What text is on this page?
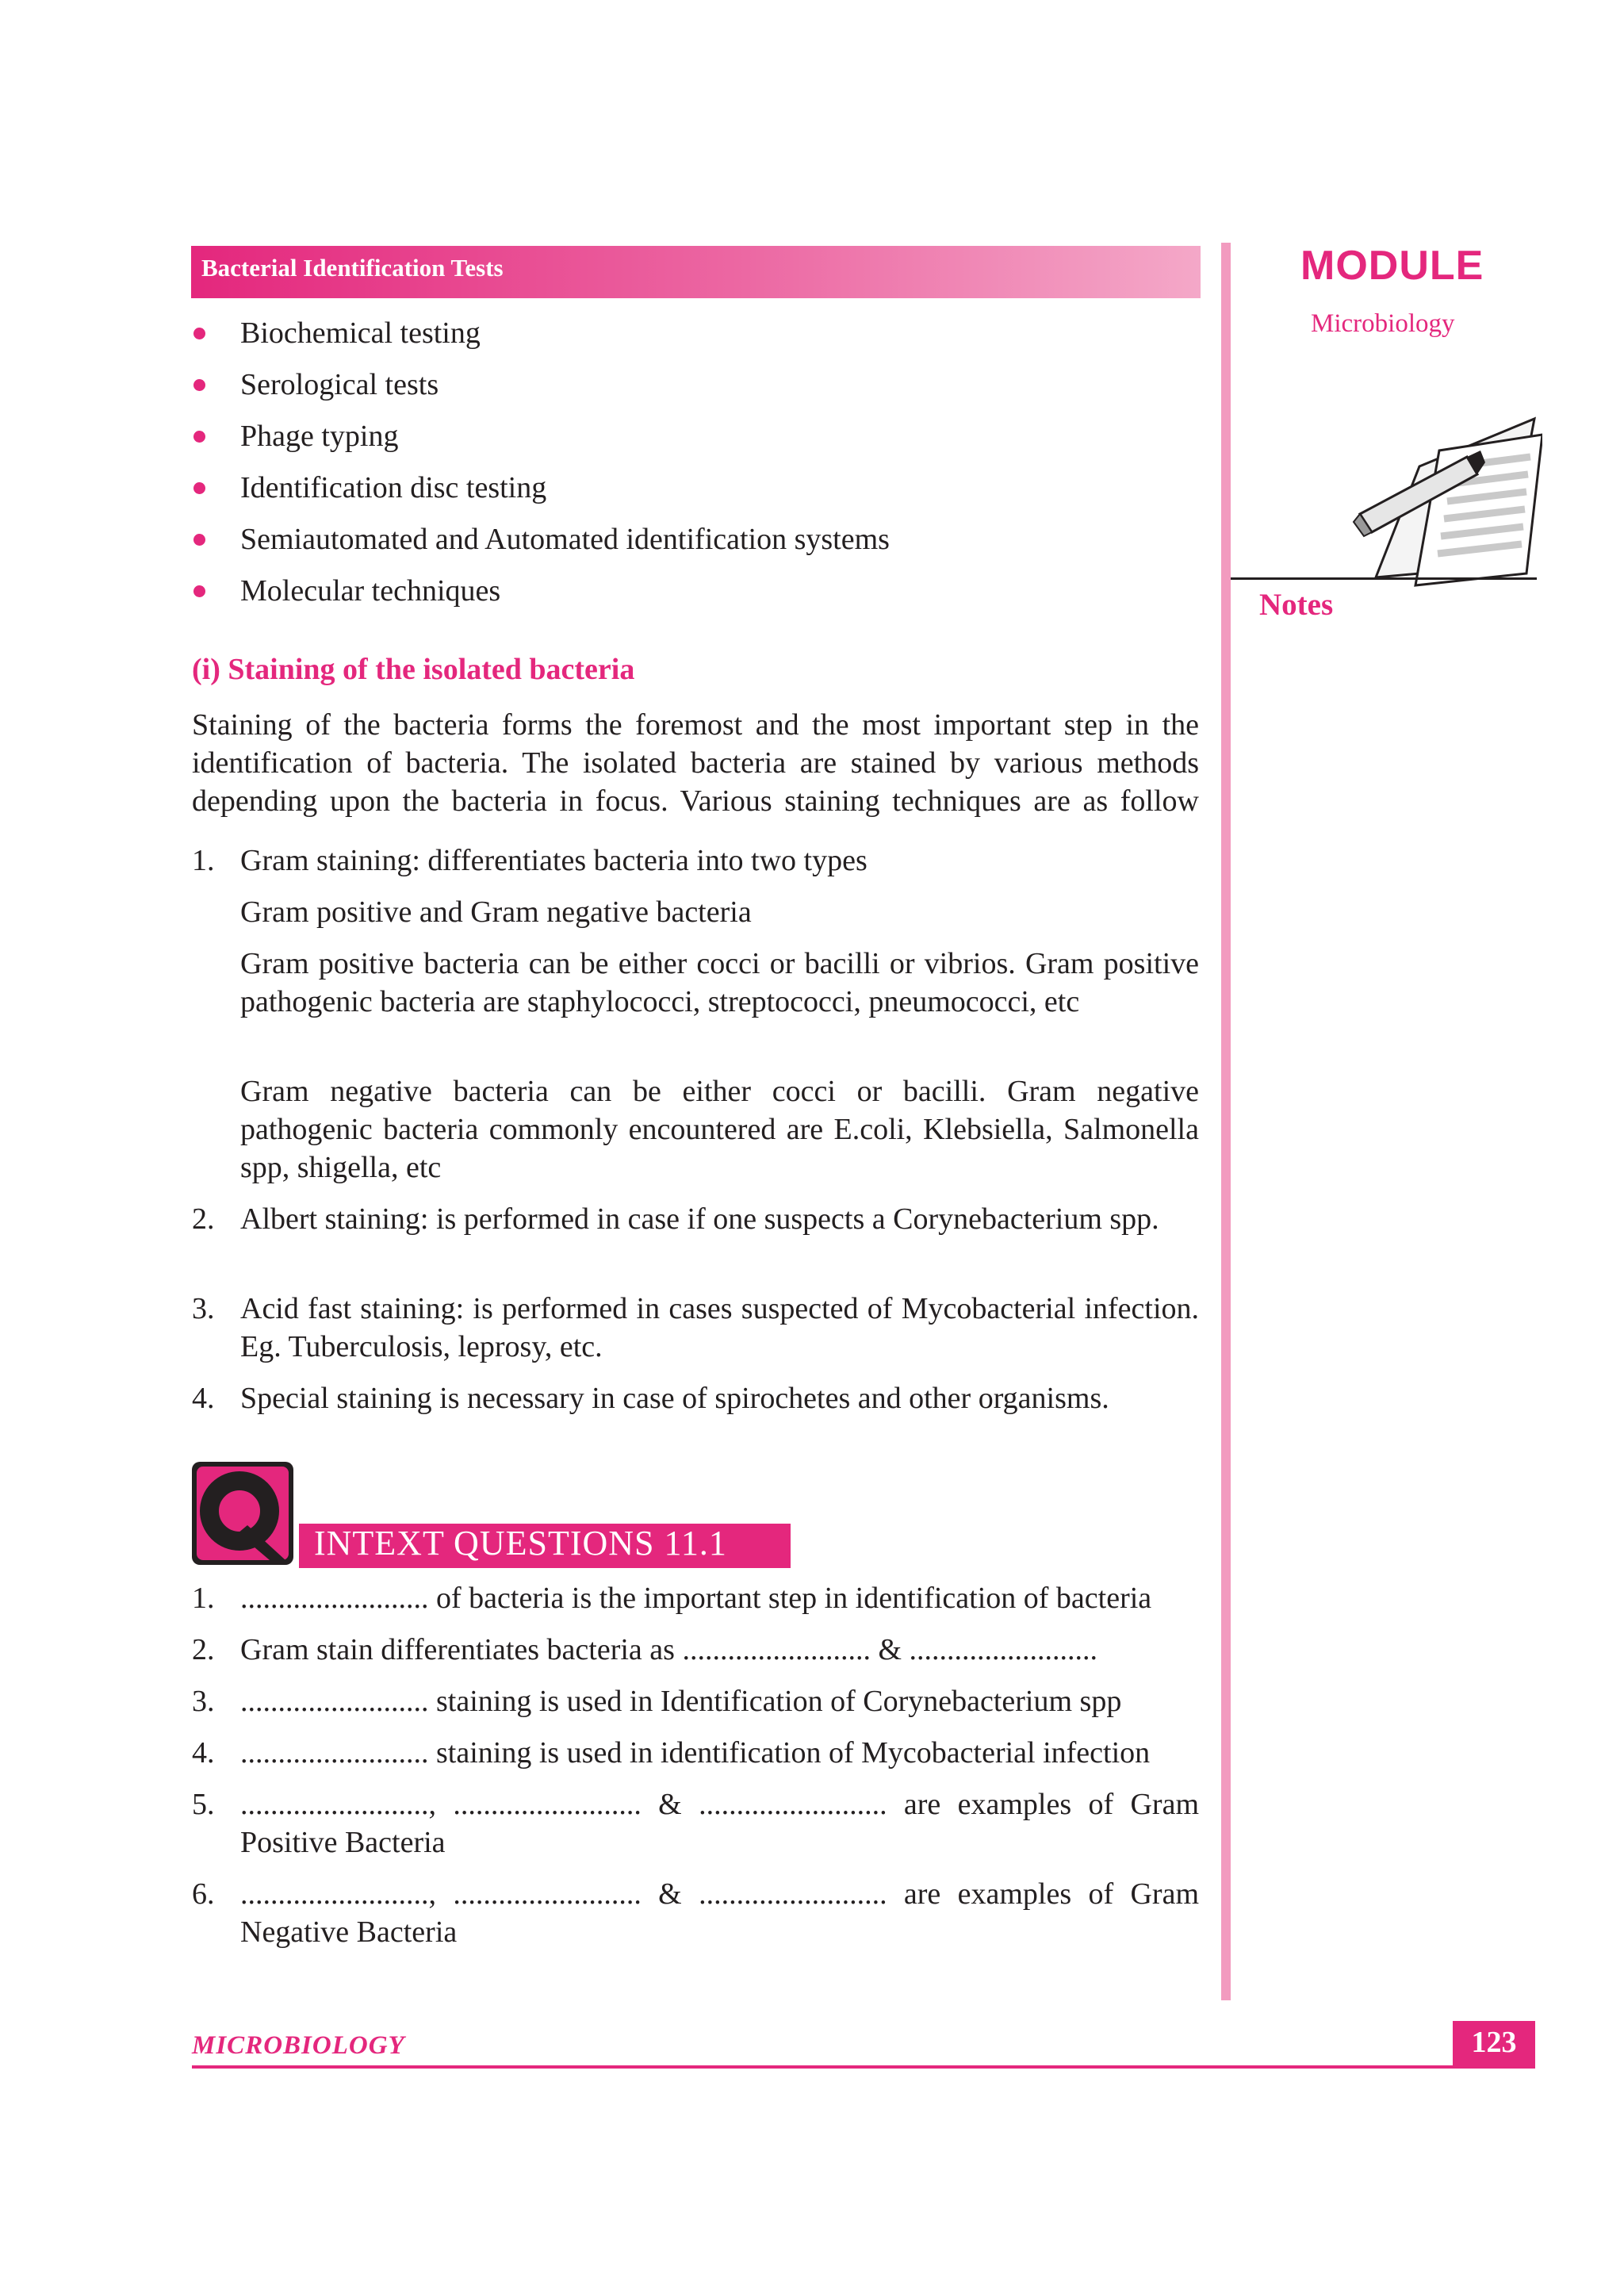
Bacterial Identification Tests	MODULE
Microbiology
Notes
Biochemical testing
Serological tests
Phage typing
Identification disc testing
Semiautomated and Automated identification systems
Molecular techniques
(i) Staining of the isolated bacteria
Staining of the bacteria forms the foremost and the most important step in the
identification of bacteria. The isolated bacteria are stained by various methods
depending upon the bacteria in focus. Various staining techniques are as follow
1. Gram staining: differentiates bacteria into two types
Gram positive and Gram negative bacteria
Gram positive bacteria can be either cocci or bacilli or vibrios. Gram positive pathogenic bacteria are staphylococci, streptococci, pneumococci, etc
Gram negative bacteria can be either cocci or bacilli. Gram negative pathogenic bacteria commonly encountered are E.coli, Klebsiella, Salmonella spp, shigella, etc
2. Albert staining: is performed in case if one suspects a Corynebacterium spp.
3. Acid fast staining: is performed in cases suspected of Mycobacterial infection. Eg. Tuberculosis, leprosy, etc.
4. Special staining is necessary in case of spirochetes and other organisms.
INTEXT QUESTIONS 11.1
1. ......................... of bacteria is the important step in identification of bacteria
2. Gram stain differentiates bacteria as ......................... & .........................
3. ......................... staining is used in Identification of Corynebacterium spp
4. ......................... staining is used in identification of Mycobacterial infection
5. ........................., ......................... & ......................... are examples of Gram Positive Bacteria
6. ........................., ......................... & ......................... are examples of Gram Negative Bacteria
MICROBIOLOGY	123
